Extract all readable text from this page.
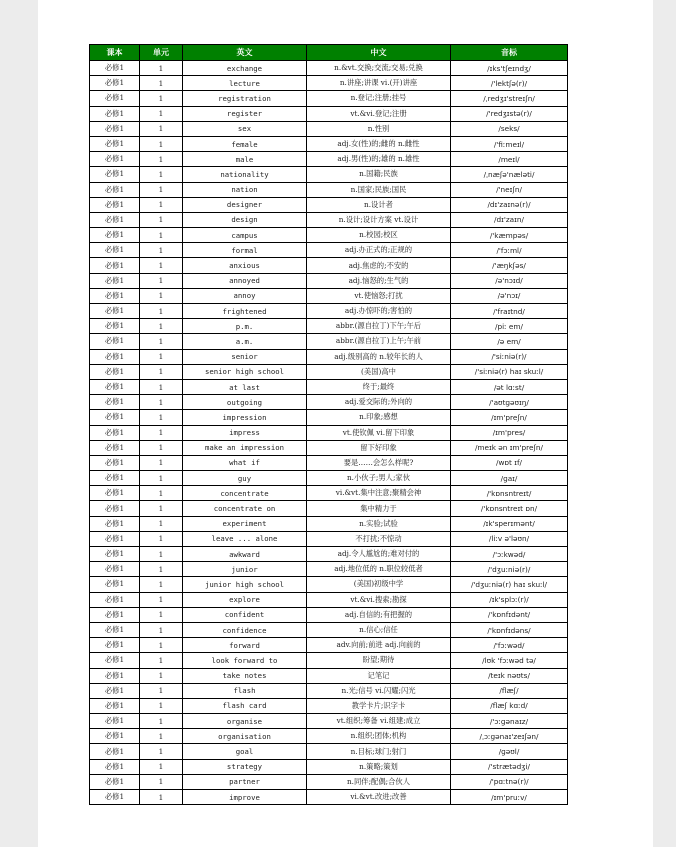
课本	单元	英文	中文	音标
必修1	1	exchange	n.&vt.交换;交流;交易;兑换	/ɪks'tʃeɪndʒ/
必修1	1	lecture	n.讲座;讲课 vi.(开)讲座	/'lektʃə(r)/
必修1	1	registration	n.登记;注册;挂号	/ˌredʒɪ'streɪʃn/
必修1	1	register	vt.&vi.登记;注册	/'redʒɪstə(r)/
必修1	1	sex	n.性别	/seks/
必修1	1	female	adj.女(性)的;雌的 n.雌性	/'fiːmeɪl/
必修1	1	male	adj.男(性)的;雄的 n.雄性	/meɪl/
必修1	1	nationality	n.国籍;民族	/ˌnæʃə'næləti/
必修1	1	nation	n.国家;民族;国民	/'neɪʃn/
必修1	1	designer	n.设计者	/dɪ'zaɪnə(r)/
必修1	1	design	n.设计;设计方案 vt.设计	/dɪ'zaɪn/
必修1	1	campus	n.校园;校区	/'kæmpəs/
必修1	1	formal	adj.办正式的;正规的	/'fɔːml/
必修1	1	anxious	adj.焦虑的;不安的	/'æŋkʃəs/
必修1	1	annoyed	adj.恼怒的;生气的	/ə'nɔɪd/
必修1	1	annoy	vt.使恼怒;打扰	/ə'nɔɪ/
必修1	1	frightened	adj.办惊吓的;害怕的	/'fraɪtnd/
必修1	1	p.m.	abbr.(源自拉丁)下午;午后	/piː em/
必修1	1	a.m.	abbr.(源自拉丁)上午;午前	/ə em/
必修1	1	senior	adj.级别高的 n.较年长的人	/'siːniə(r)/
必修1	1	senior high school	(美国)高中	/'siːniə(r) haɪ skuːl/
必修1	1	at last	终于;最终	/ət lɑːst/
必修1	1	outgoing	adj.爱交际的;外向的	/'aʊtɡəʊɪŋ/
必修1	1	impression	n.印象;感想	/ɪm'preʃn/
必修1	1	impress	vt.使钦佩 vi.留下印象	/ɪm'pres/
必修1	1	make an impression	留下好印象	/meɪk ən ɪm'preʃn/
必修1	1	what if	要是……会怎么样呢?	/wɒt ɪf/
必修1	1	guy	n.小伙子;男人;家伙	/ɡaɪ/
必修1	1	concentrate	vi.&vt.集中注意;聚精会神	/'kɒnsntreɪt/
必修1	1	concentrate on	集中精力于	/'kɒnsntreɪt ɒn/
必修1	1	experiment	n.实验;试验	/ɪk'sperɪmənt/
必修1	1	leave ... alone	不打扰;不惊动	/liːv ə'ləʊn/
必修1	1	awkward	adj.令人尴尬的;难对付的	/'ɔːkwəd/
必修1	1	junior	adj.地位低的 n.职位较低者	/'dʒuːniə(r)/
必修1	1	junior high school	(美国)初级中学	/'dʒuːniə(r) haɪ skuːl/
必修1	1	explore	vt.&vi.搜索;勘探	/ɪk'splɔː(r)/
必修1	1	confident	adj.自信的;有把握的	/'kɒnfɪdənt/
必修1	1	confidence	n.信心;信任	/'kɒnfɪdəns/
必修1	1	forward	adv.向前;前进 adj.向前的	/'fɔːwəd/
必修1	1	look forward to	盼望;期待	/lʊk 'fɔːwəd tə/
必修1	1	take notes	记笔记	/teɪk nəʊts/
必修1	1	flash	n.光;信号 vi.闪耀;闪光	/flæʃ/
必修1	1	flash card	教学卡片;识字卡	/flæʃ kɑːd/
必修1	1	organise	vt.组织;筹备 vi.组建;成立	/'ɔːɡənaɪz/
必修1	1	organisation	n.组织;团体;机构	/ˌɔːɡənaɪ'zeɪʃən/
必修1	1	goal	n.目标;球门;射门	/ɡəʊl/
必修1	1	strategy	n.策略;策划	/'strætədʒi/
必修1	1	partner	n.同伴;配偶;合伙人	/'pɑːtnə(r)/
必修1	1	improve	vi.&vt.改进;改善	/ɪm'pruːv/
